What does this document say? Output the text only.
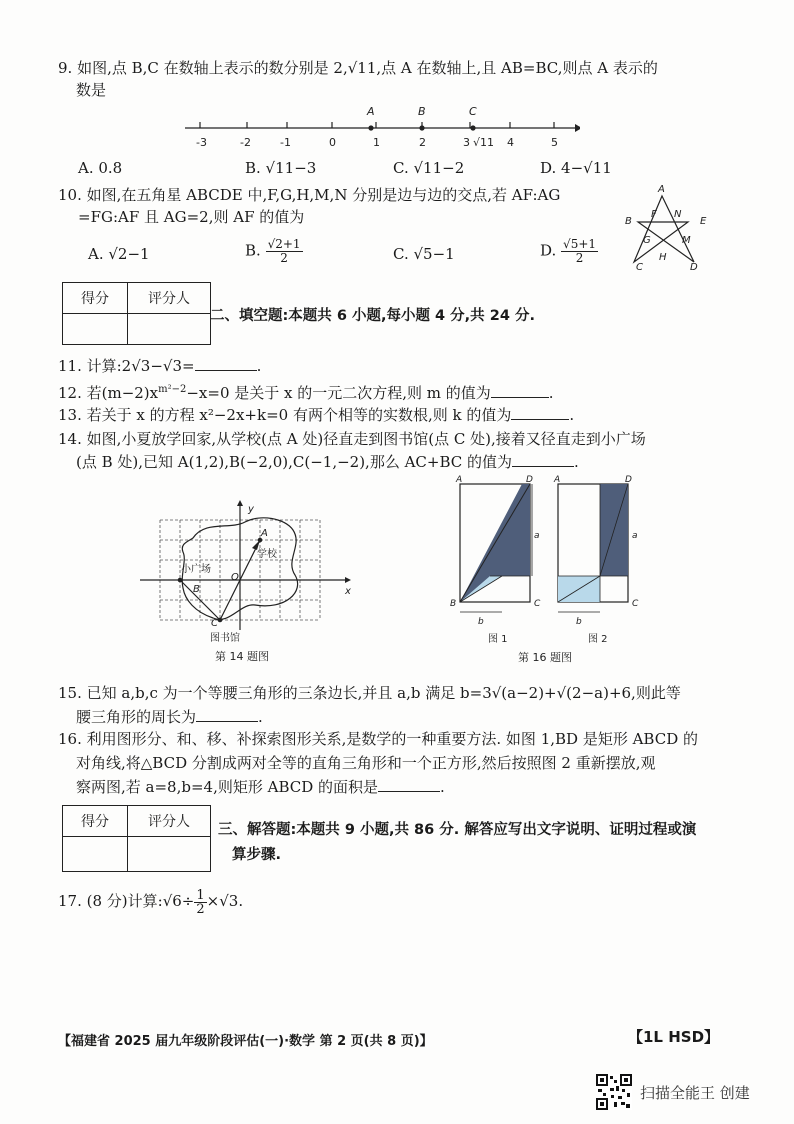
9. 如图,点 B,C 在数轴上表示的数分别是 2,√11,点 A 在数轴上,且 AB=BC,则点 A 表示的
数是
-3	-2	-1	0	1	2	3 √11 4	5
A	B	C
A. 0.8	B. √11−3	C. √11−2	D. 4−√11
10. 如图,在五角星 ABCDE 中,F,G,H,M,N 分别是边与边的交点,若 AF:AG
=FG:AF 且 AG=2,则 AF 的值为
A. √2−1	B. $\frac{√2+1}{2}$	C. √5−1	D. $\frac{√5+1}{2}$
A
B
C	D
E
F
G
H
M
N
得分	评分人

二、填空题:本题共 6 小题,每小题 4 分,共 24 分.
11. 计算:2√3−√3=	.
12. 若$(m-2)x^{m^2-2}-x=0$ 是关于 x 的一元二次方程,则 m 的值为	.
13. 若关于 x 的方程 x²−2x+k=0 有两个相等的实数根,则 k 的值为	.
14. 如图,小夏放学回家,从学校(点 A 处)径直走到图书馆(点 C 处),接着又径直走到小广场
(点 B 处),已知 A(1,2),B(−2,0),C(−1,−2),那么 AC+BC 的值为	.
y
x
O
A
学校
小广场
B
C
图书馆
第 14 题图
A	D
B	C
a
b
图 1
A	D
C
a
b
图 2
第 16 题图
15. 已知 a,b,c 为一个等腰三角形的三条边长,并且 a,b 满足 b=3√(a−2)+√(2−a)+6,则此等
腰三角形的周长为	.
16. 利用图形分、和、移、补探索图形关系,是数学的一种重要方法. 如图 1,BD 是矩形 ABCD 的
对角线,将△BCD 分割成两对全等的直角三角形和一个正方形,然后按照图 2 重新摆放,观
察两图,若 a=8,b=4,则矩形 ABCD 的面积是	.
得分	评分人
	三、解答题:本题共 9 小题,共 86 分. 解答应写出文字说明、证明过程或演
算步骤.
17. (8 分)计算:√6÷ $\frac{1}{2} \times√3$.
【福建省 2025 届九年级阶段评估(一)·数学 第 2 页(共 8 页)】	【1L HSD】
扫描全能王 创建
